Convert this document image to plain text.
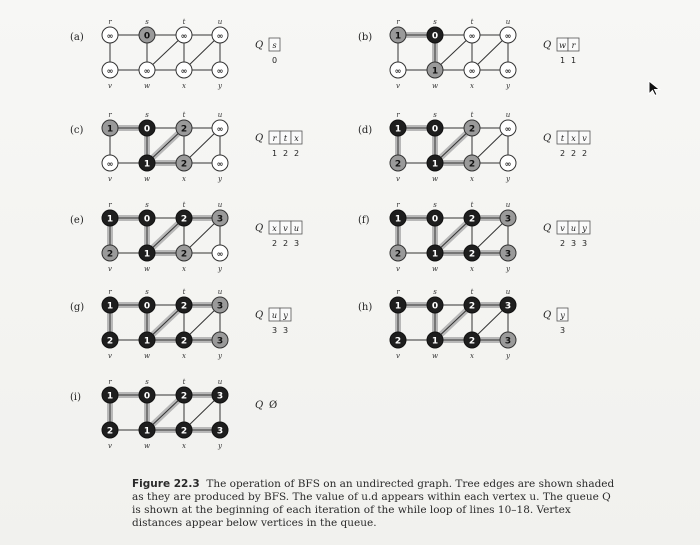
(a)	∞
r
0
s
∞
t
∞
u
∞
v
∞
w
∞
x
∞
y
Q s
0
(b)	1
r
0
s
∞
t
∞
u
∞
v
1
w
∞
x
∞
y
Q w
1
r
1
(c)	1
r
0
s
2
t
∞
u
∞
v
1
w
2
x
∞
y
Q r
1
t
2
x
2
(d)	1
r
0
s
2
t
∞
u
2
v
1
w
2
x
∞
y
Q t
2
x
2
v
2
(e)	1
r
0
s
2
t
3
u
2
v
1
w
2
x
∞
y
Q x
2
v
2
u
3
(f)	1
r
0
s
2
t
3
u
2
v
1
w
2
x
3
y
Q v
2
u
3
y
3
(g)	1
r
0
s
2
t
3
u
2
v
1
w
2
x
3
y
Q u
3
y
3
(h)	1
r
0
s
2
t
3
u
2
v
1
w
2
x
3
y
Q y
3
(i)	1
r
0
s
2
t
3
u
2
v
1
w
2
x
3
y
Q Ø
Figure 22.3 The operation of BFS on an undirected graph. Tree edges are shown shaded as they are produced by BFS. The value of u.d appears within each vertex u. The queue Q is shown at the beginning of each iteration of the while loop of lines 10–18. Vertex distances appear below vertices in the queue.
